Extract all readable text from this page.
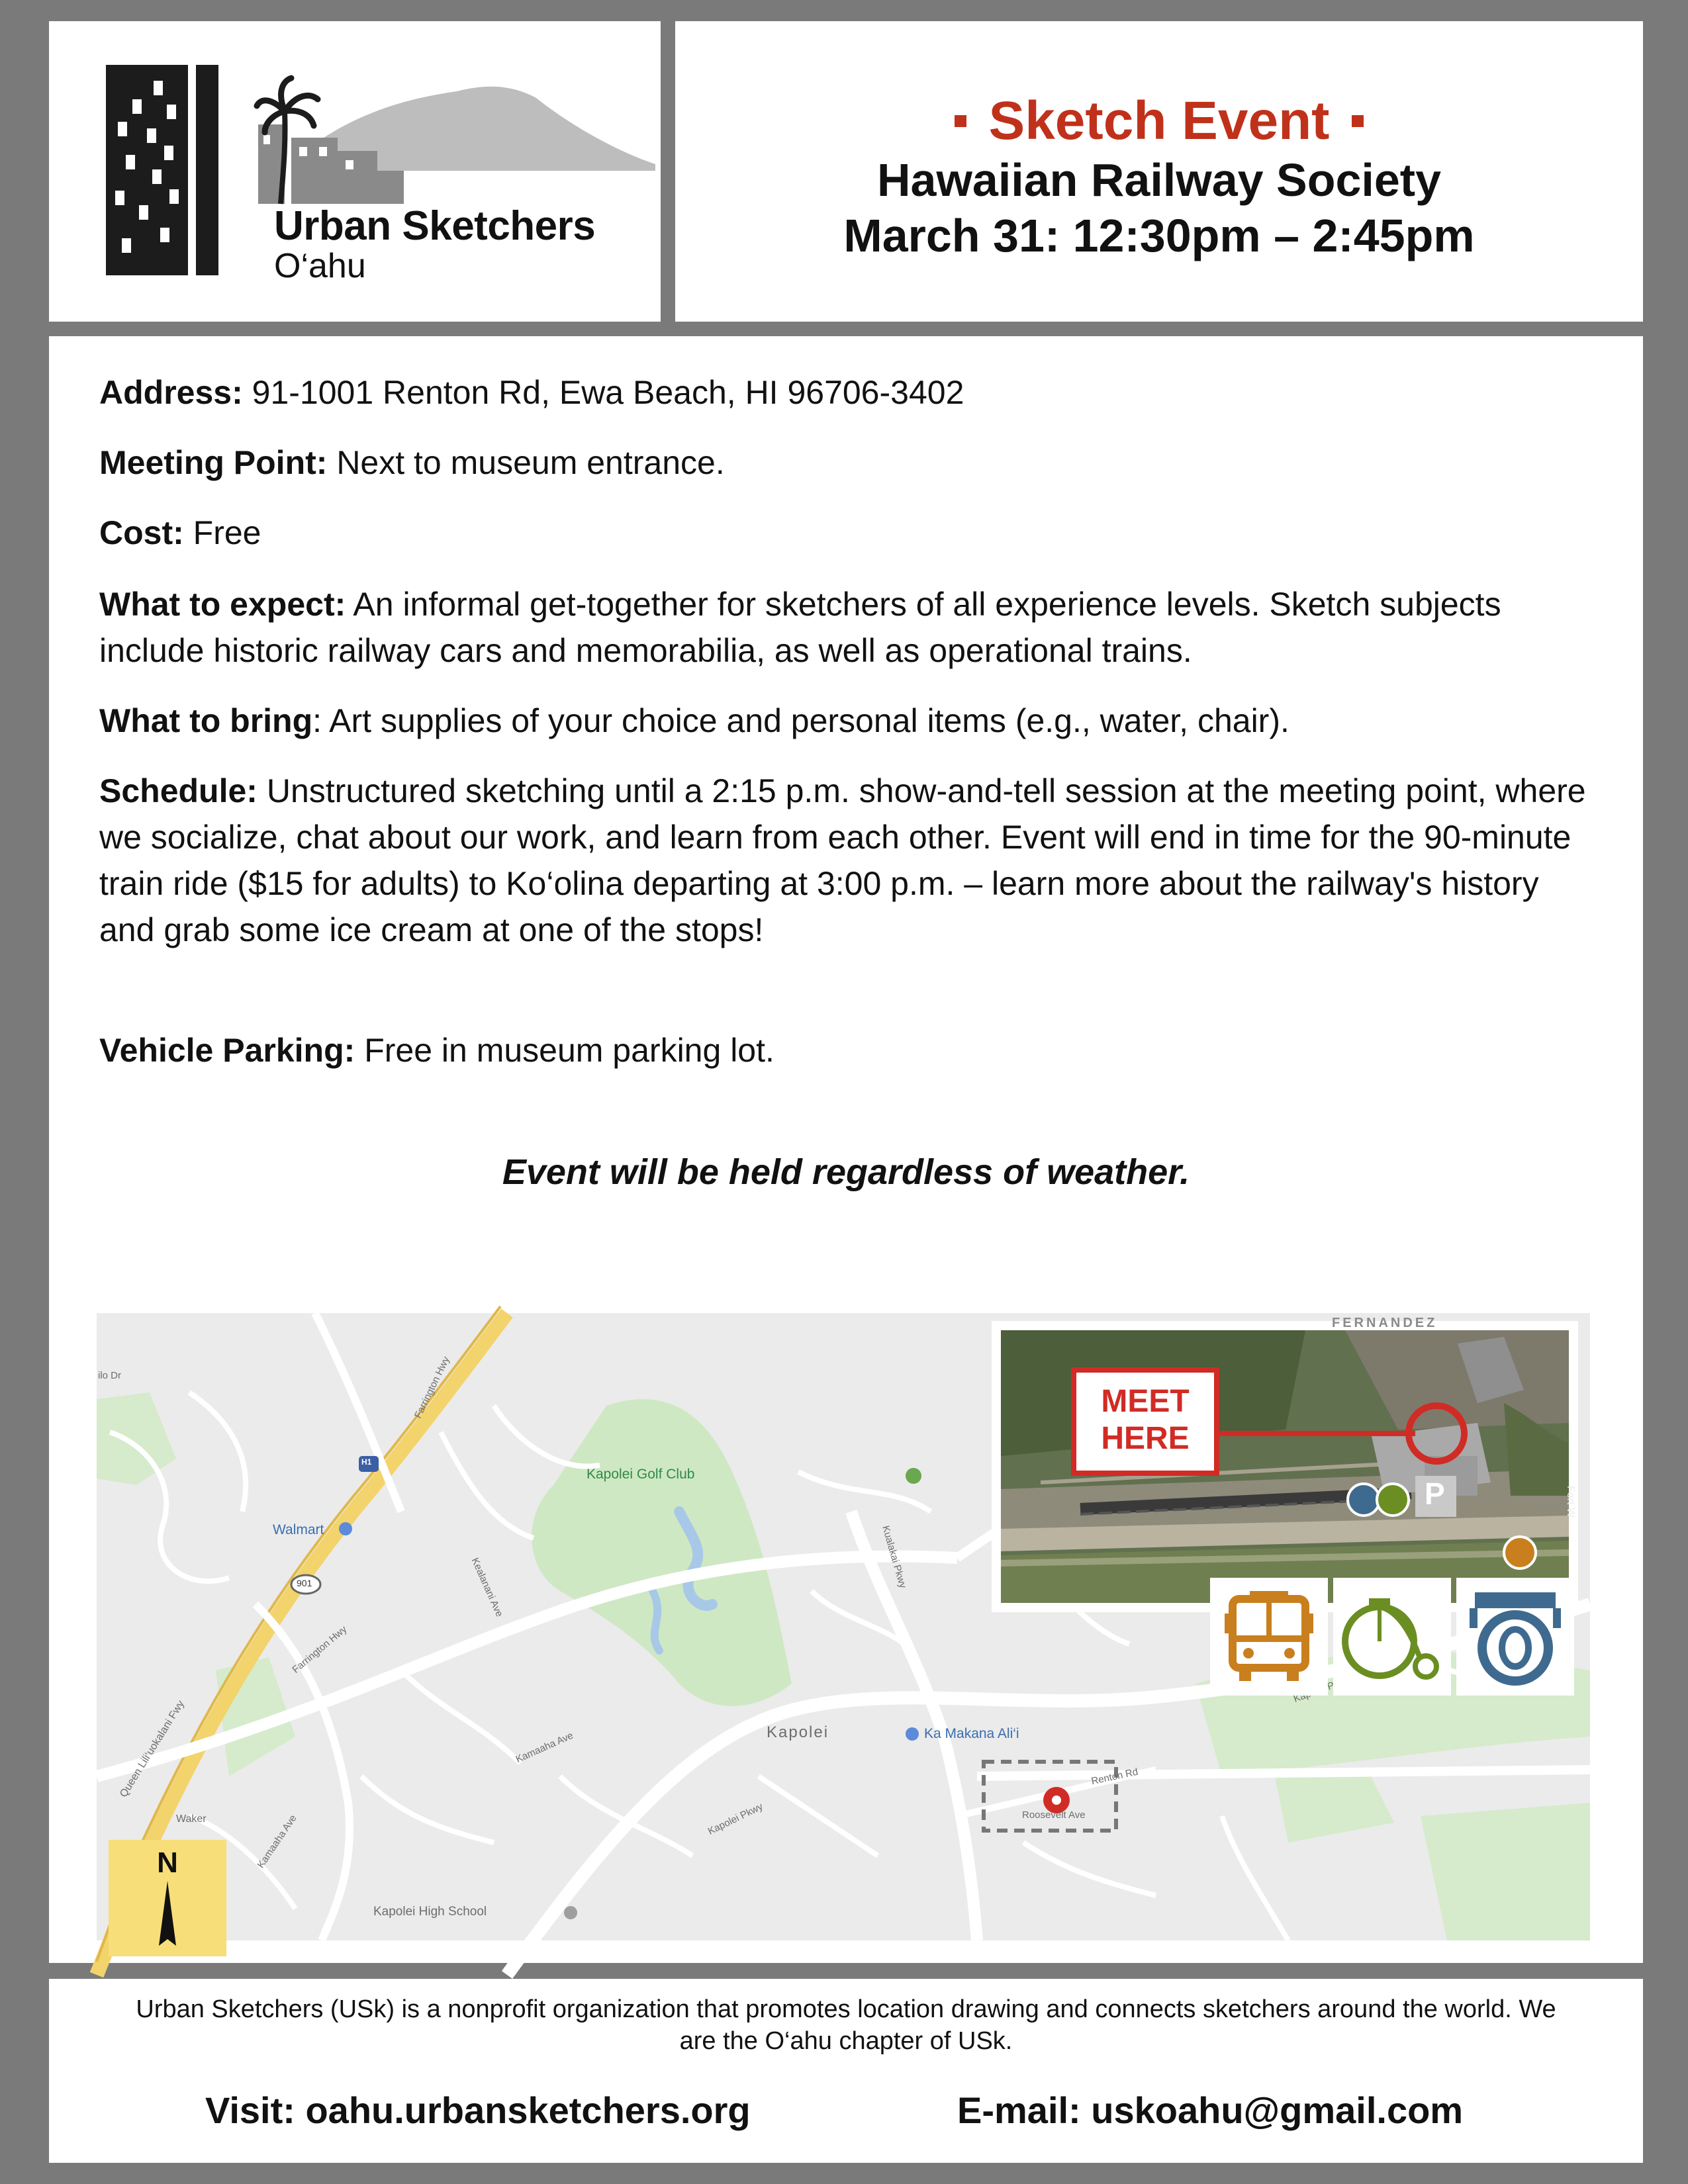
Urban Sketchers
O‘ahu
Sketch Event
Hawaiian Railway Society
March 31: 12:30pm – 2:45pm

Address: 91-1001 Renton Rd, Ewa Beach, HI 96706-3402

Meeting Point: Next to museum entrance.

Cost: Free

What to expect: An informal get-together for sketchers of all experience levels. Sketch subjects include historic railway cars and memorabilia, as well as operational trains.

What to bring: Art supplies of your choice and personal items (e.g., water, chair).

Schedule: Unstructured sketching until a 2:15 p.m. show-and-tell session at the meeting point, where we socialize, chat about our work, and learn from each other. Event will end in time for the 90-minute train ride ($15 for adults) to Ko‘olina departing at 3:00 p.m. – learn more about the railway's history and grab some ice cream at one of the stops!

Vehicle Parking: Free in museum parking lot.

Event will be held regardless of weather.
Kapolei Golf Club
Walmart
Kapolei	Ka Makana Ali‘i
Kapolei High School
Renton Rd
Roosevelt Ave
Kapolei Pkwy
Kualakai Pkwy
Queen Lili‘uokalani Fwy
Farrington Hwy
Farrington Hwy
Kamaaha Ave
Kamaaha Ave
Kealanani Ave
H1
901
ilo Dr
Waker
N
FERNANDEZ
P	Fort W
MEET HERE

Urban Sketchers (USk) is a nonprofit organization that promotes location drawing and connects sketchers around the world. We are the O‘ahu chapter of USk.

Visit: oahu.urbansketchers.org	E-mail: uskoahu@gmail.com
